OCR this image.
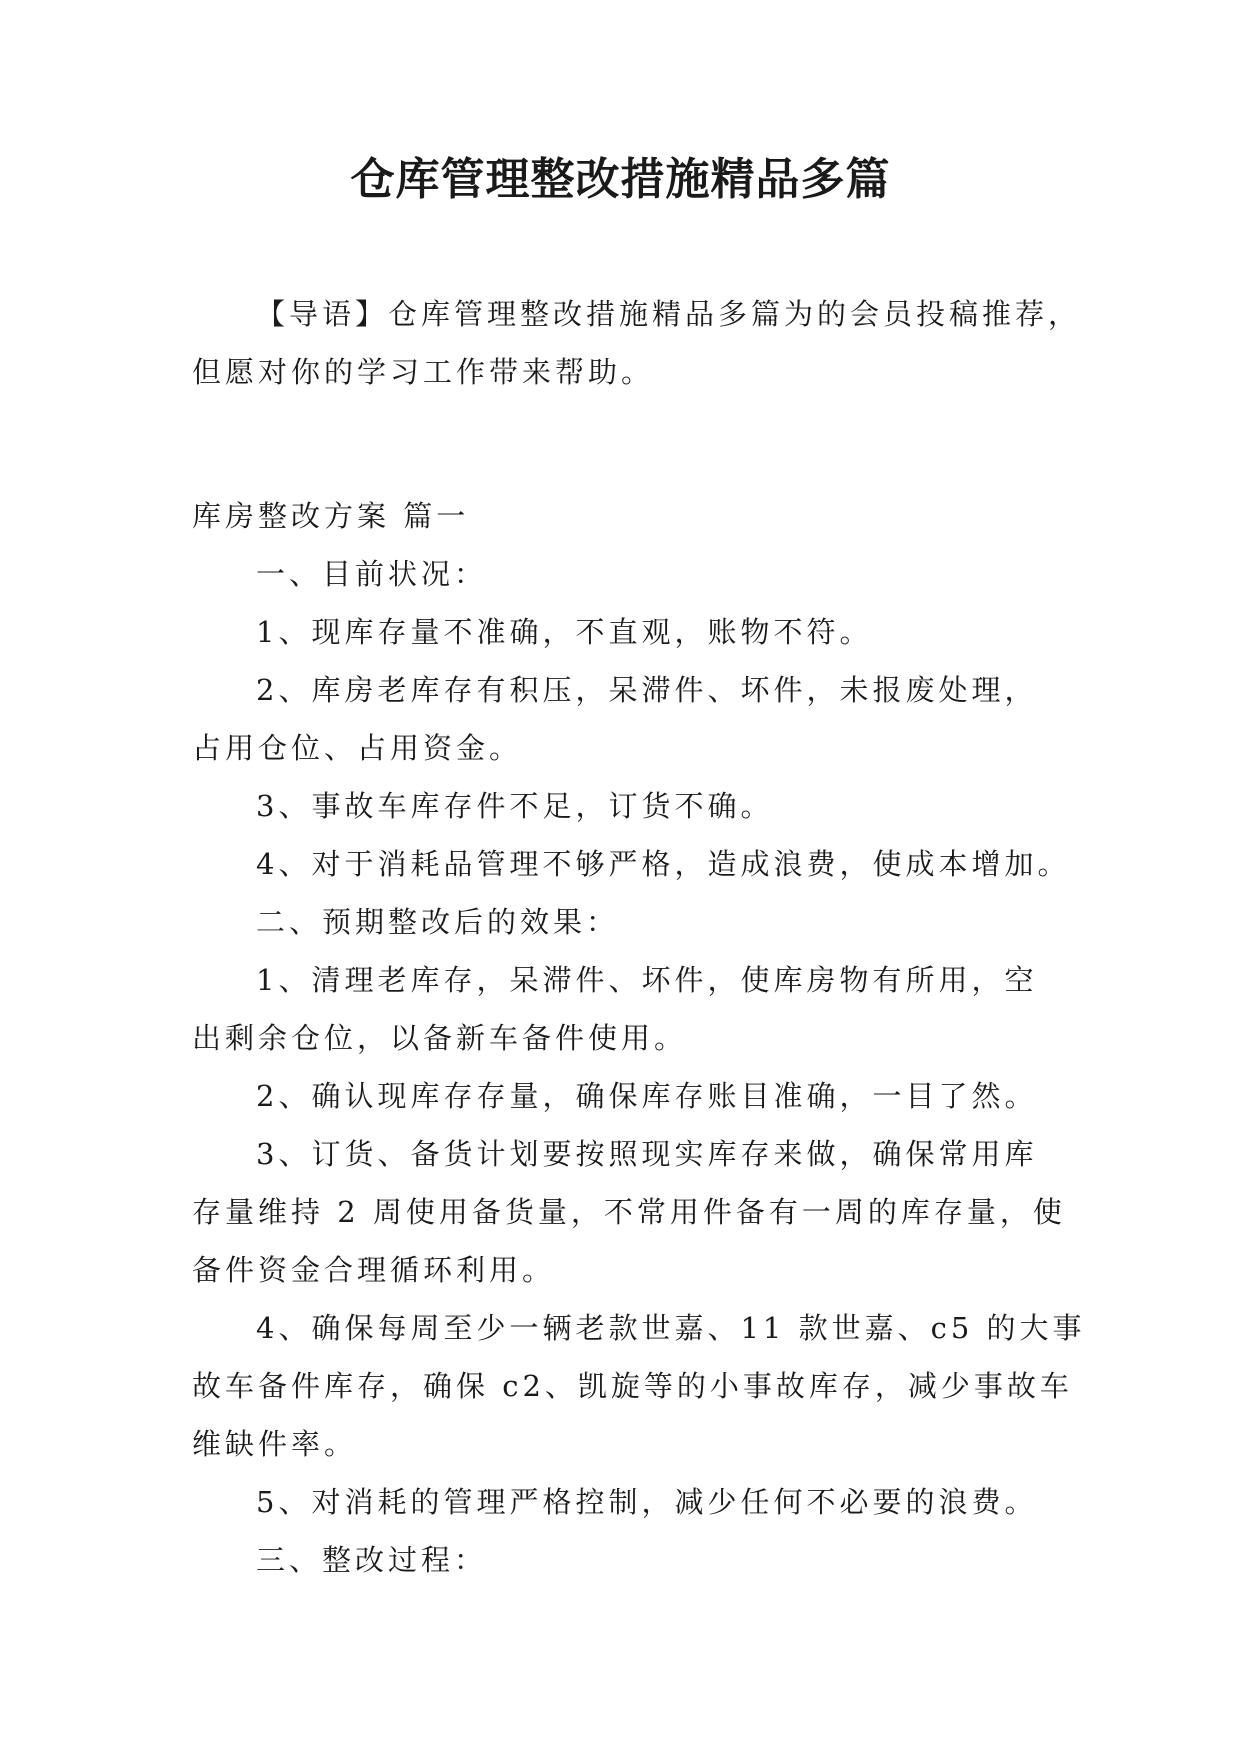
仓库管理整改措施精品多篇
【导语】仓库管理整改措施精品多篇为的会员投稿推荐，
但愿对你的学习工作带来帮助。
库房整改方案 篇一
一、目前状况：
1、现库存量不准确，不直观，账物不符。
2、库房老库存有积压，呆滞件、坏件，未报废处理，
占用仓位、占用资金。
3、事故车库存件不足，订货不确。
4、对于消耗品管理不够严格，造成浪费，使成本增加。
二、预期整改后的效果：
1、清理老库存，呆滞件、坏件，使库房物有所用，空
出剩余仓位，以备新车备件使用。
2、确认现库存存量，确保库存账目准确，一目了然。
3、订货、备货计划要按照现实库存来做，确保常用库
存量维持 2 周使用备货量，不常用件备有一周的库存量，使
备件资金合理循环利用。
4、确保每周至少一辆老款世嘉、11 款世嘉、c5 的大事
故车备件库存，确保 c2、凯旋等的小事故库存，减少事故车
维缺件率。
5、对消耗的管理严格控制，减少任何不必要的浪费。
三、整改过程：
